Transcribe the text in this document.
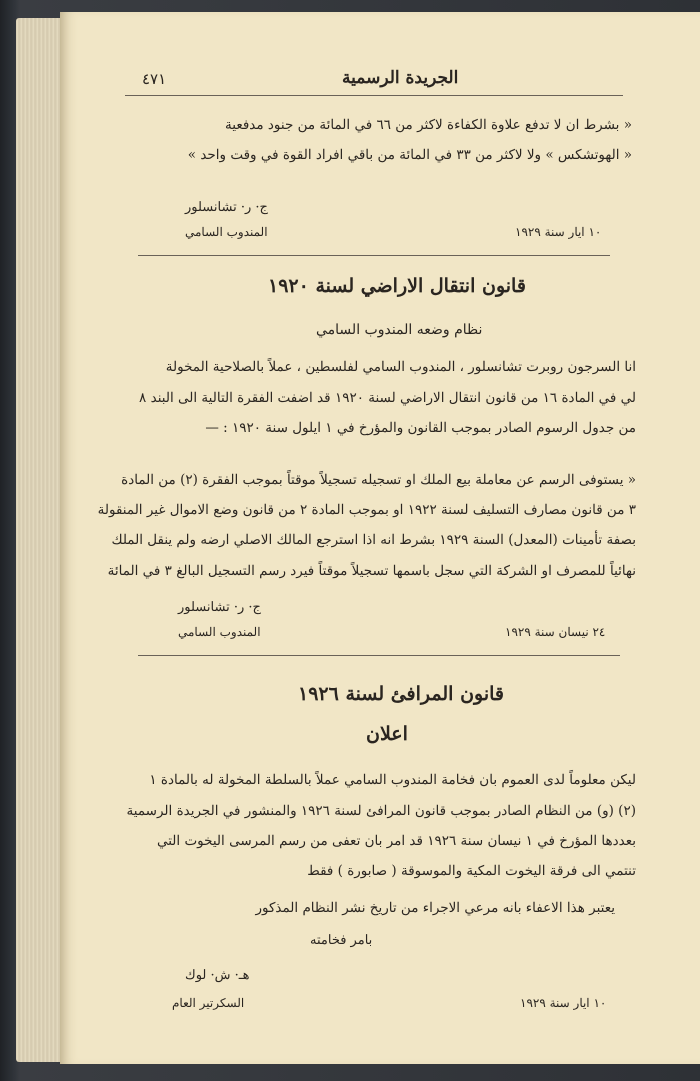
٤٧١	الجريدة الرسمية
« بشرط ان لا تدفع علاوة الكفاءة لاكثر من ٦٦ في المائة من جنود مدفعية
« الهوتشكس » ولا لاكثر من ٣٣ في المائة من باقي افراد القوة في وقت واحد »
ج· ر· تشانسلور
المندوب السامي	١٠ ايار سنة ١٩٢٩
قانون انتقال الاراضي لسنة ١٩٢٠
نظام وضعه المندوب السامي
انا السرجون روبرت تشانسلور ، المندوب السامي لفلسطين ، عملاً بالصلاحية المخولة
لي في المادة ١٦ من قانون انتقال الاراضي لسنة ١٩٢٠ قد اضفت الفقرة التالية الى البند ٨
من جدول الرسوم الصادر بموجب القانون والمؤرخ في ١ ايلول سنة ١٩٢٠ : —
« يستوفى الرسم عن معاملة بيع الملك او تسجيله تسجيلاً موقتاً بموجب الفقرة (٢) من المادة
٣ من قانون مصارف التسليف لسنة ١٩٢٢ او بموجب المادة ٢ من قانون وضع الاموال غير المنقولة
بصفة تأمينات (المعدل) السنة ١٩٢٩ بشرط انه اذا استرجع المالك الاصلي ارضه ولم ينقل الملك
نهائياً للمصرف او الشركة التي سجل باسمها تسجيلاً موقتاً فيرد رسم التسجيل البالغ ٣ في المائة
ج· ر· تشانسلور
المندوب السامي	٢٤ نيسان سنة ١٩٢٩
قانون المرافئ لسنة ١٩٢٦
اعلان
ليكن معلوماً لدى العموم بان فخامة المندوب السامي عملاً بالسلطة المخولة له بالمادة ١
(٢) (و) من النظام الصادر بموجب قانون المرافئ لسنة ١٩٢٦ والمنشور في الجريدة الرسمية
بعددها المؤرخ في ١ نيسان سنة ١٩٢٦ قد امر بان تعفى من رسم المرسى اليخوت التي
تنتمي الى فرقة اليخوت المكية والموسوقة ( صابورة ) فقط
يعتبر هذا الاعفاء بانه مرعي الاجراء من تاريخ نشر النظام المذكور
بامر فخامته
هـ· ش· لوك
السكرتير العام	١٠ ايار سنة ١٩٢٩
